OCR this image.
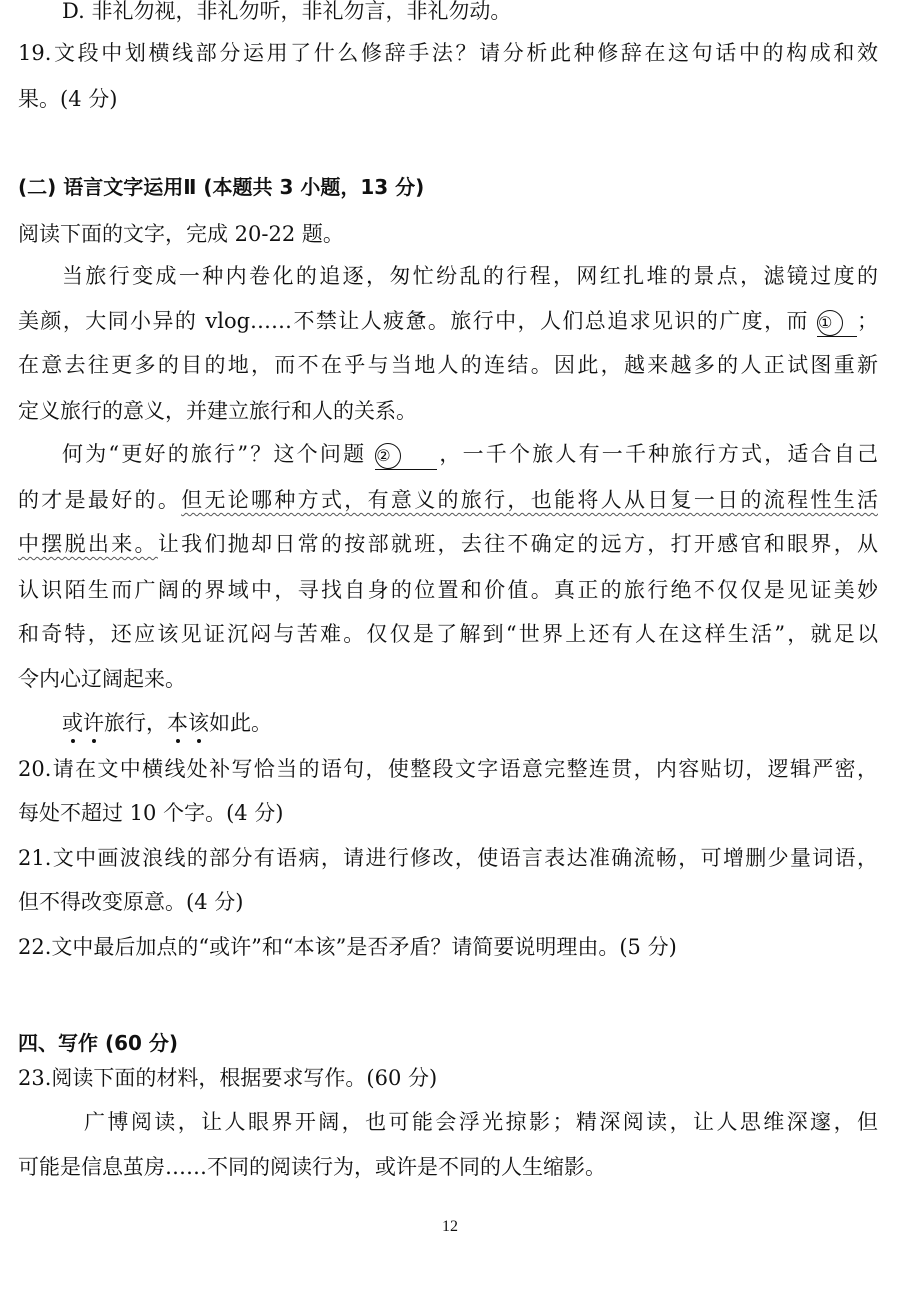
D. 非礼勿视，非礼勿听，非礼勿言，非礼勿动。
19.文段中划横线部分运用了什么修辞手法？请分析此种修辞在这句话中的构成和效
果。(4 分)
(二) 语言文字运用Ⅱ (本题共 3 小题，13 分)
阅读下面的文字，完成 20-22 题。
当旅行变成一种内卷化的追逐，匆忙纷乱的行程，网红扎堆的景点，滤镜过度的
美颜，大同小异的 vlog……不禁让人疲惫。旅行中，人们总追求见识的广度，而 ① ；
在意去往更多的目的地，而不在乎与当地人的连结。因此，越来越多的人正试图重新
定义旅行的意义，并建立旅行和人的关系。
何为“更好的旅行”？这个问题 ② ，一千个旅人有一千种旅行方式，适合自己
的才是最好的。但无论哪种方式，有意义的旅行，也能将人从日复一日的流程性生活
中摆脱出来。让我们抛却日常的按部就班，去往不确定的远方，打开感官和眼界，从
认识陌生而广阔的界域中，寻找自身的位置和价值。真正的旅行绝不仅仅是见证美妙
和奇特，还应该见证沉闷与苦难。仅仅是了解到“世界上还有人在这样生活”，就足以
令内心辽阔起来。
或许旅行，本该如此。
20.请在文中横线处补写恰当的语句，使整段文字语意完整连贯，内容贴切，逻辑严密，
每处不超过 10 个字。(4 分)
21.文中画波浪线的部分有语病，请进行修改，使语言表达准确流畅，可增删少量词语，
但不得改变原意。(4 分)
22.文中最后加点的“或许”和“本该”是否矛盾？请简要说明理由。(5 分)
四、写作 (60 分)
23.阅读下面的材料，根据要求写作。(60 分)
广博阅读，让人眼界开阔，也可能会浮光掠影；精深阅读，让人思维深邃，但
可能是信息茧房……不同的阅读行为，或许是不同的人生缩影。
12
